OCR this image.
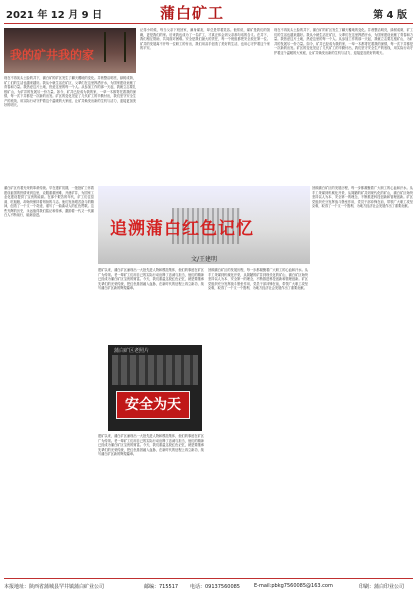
2021 年 12 月 9 日	蒲白矿工	第 4 版
我的矿井我的家
现在不再灰头土脸的井下，蒲白矿的矿区发生了翻天覆地的变化。井巷整洁明亮，绿树成荫，矿工们的生活也越来越好。我从小就生活在矿区，父辈们在这里挥洒汗水，为国家建设贡献了青春和力量。我热爱这片土地，热爱这里的每一个人。从参加工作的那一天起，我就立志要扎根矿山，为矿井的发展尽一份力量。如今，矿井已经成为我的家，一草一木都寄托着我的深情，每一次下井都是一次新的出发。矿区的变化见证了几代矿工的辛勤付出，我们坚守安全生产的底线，用实际行动守护着这个温暖的大家庭，让矿井焕发出新的生机与活力，迎接更加美好的明天。
记得小时候，每当父亲下班回家，满身煤灰，却总是带着笑容。他常说，煤矿是我们的饭碗，更是我们的家。后来我也成为了一名矿工，才真正体会到父亲那句话的含义。在井下，我们相互帮助，共同面对困难。安全是我们最大的责任，每一个班组都把安全放在第一位。矿井的发展离不开每一位职工的付出，我们用双手创造了美好的生活，也用心守护着这个家的平安。
现在不再灰头土脸的井下，蒲白矿的矿区发生了翻天覆地的变化。井巷整洁明亮，绿树成荫，矿工们的生活也越来越好。我从小就生活在矿区，父辈们在这里挥洒汗水，为国家建设贡献了青春和力量。我热爱这片土地，热爱这里的每一个人。从参加工作的那一天起，我就立志要扎根矿山，为矿井的发展尽一份力量。如今，矿井已经成为我的家，一草一木都寄托着我的深情，每一次下井都是一次新的出发。矿区的变化见证了几代矿工的辛勤付出，我们坚守安全生产的底线，用实际行动守护着这个温暖的大家庭，让矿井焕发出新的生机与活力，迎接更加美好的明天。
追溯蒲白红色记忆
文/王建明
蒲白矿区有着光荣的革命传统。早在建矿初期，一批批矿工怀着建设祖国的热情来到这里，克服重重困难，开凿矿井，为国家工业化建设提供了宝贵的能源。在那个艰苦的年代，矿工们住窑洞、吃粗粮，却始终保持着昂扬的斗志。他们发扬艰苦奋斗的精神，创造了一个又一个奇迹，谱写了一曲曲动人的红色赞歌。这些光辉的历史，永远值得我们铭记和传承，激励着一代又一代蒲白人不断前行，砥砺奋进。
建矿以来，蒲白矿区涌现出一大批先进人物和模范集体，他们的事迹在矿区广为传颂。老一辈矿工们用自己的实际行动诠释了忠诚与担当，他们的精神已经成为蒲白矿区宝贵的财富。今天，我们重温这段红色记忆，就是要继承先辈们的光荣传统，把红色基因融入血脉，在新时代的征程上再立新功，续写蒲白矿区新的辉煌篇章。
建矿以来，蒲白矿区涌现出一大批先进人物和模范集体，他们的事迹在矿区广为传颂。老一辈矿工们用自己的实际行动诠释了忠诚与担当，他们的精神已经成为蒲白矿区宝贵的财富。今天，我们重温这段红色记忆，就是要继承先辈们的光荣传统，把红色基因融入血脉，在新时代的征程上再立新功，续写蒲白矿区新的辉煌篇章。
回顾蒲白矿区的发展历程，每一步都凝聚着广大职工的心血和汗水。从手工采煤到机械化开采，从简陋的矿井到现代化的矿山，蒲白矿区始终坚持以人为本、安全第一的理念，不断推进科技创新和管理创新。矿区党组织充分发挥战斗堡垒作用，党员干部冲锋在前，带领广大职工攻坚克难，取得了一个又一个胜利，为地方经济社会发展作出了重要贡献。
回顾蒲白矿区的发展历程，每一步都凝聚着广大职工的心血和汗水。从手工采煤到机械化开采，从简陋的矿井到现代化的矿山，蒲白矿区始终坚持以人为本、安全第一的理念，不断推进科技创新和管理创新。矿区党组织充分发挥战斗堡垒作用，党员干部冲锋在前，带领广大职工攻坚克难，取得了一个又一个胜利，为地方经济社会发展作出了重要贡献。
蒲白矿区老照片
安全为天
本报地址：陕西省蒲城县罕井镇蒲白矿业公司	邮编：715517 电话：09137560085	E-mail:pbkg7560085@163.com	印刷：蒲白印业公司
